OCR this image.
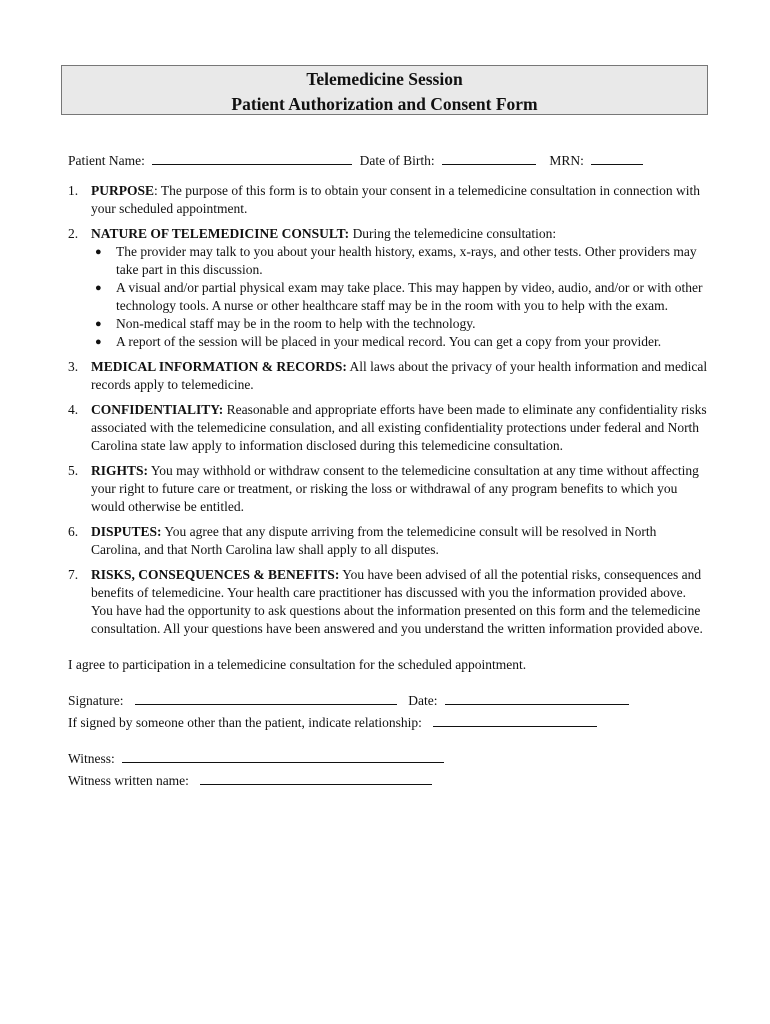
Telemedicine Session
Patient Authorization and Consent Form
Patient Name:	Date of Birth:	MRN:
1. PURPOSE: The purpose of this form is to obtain your consent in a telemedicine consultation in connection with your scheduled appointment.
2. NATURE OF TELEMEDICINE CONSULT: During the telemedicine consultation:
● The provider may talk to you about your health history, exams, x-rays, and other tests. Other providers may take part in this discussion.
● A visual and/or partial physical exam may take place. This may happen by video, audio, and/or or with other technology tools. A nurse or other healthcare staff may be in the room with you to help with the exam.
● Non-medical staff may be in the room to help with the technology.
● A report of the session will be placed in your medical record. You can get a copy from your provider.
3. MEDICAL INFORMATION & RECORDS: All laws about the privacy of your health information and medical records apply to telemedicine.
4. CONFIDENTIALITY: Reasonable and appropriate efforts have been made to eliminate any confidentiality risks associated with the telemedicine consulation, and all existing confidentiality protections under federal and North Carolina state law apply to information disclosed during this telemedicine consultation.
5. RIGHTS: You may withhold or withdraw consent to the telemedicine consultation at any time without affecting your right to future care or treatment, or risking the loss or withdrawal of any program benefits to which you would otherwise be entitled.
6. DISPUTES: You agree that any dispute arriving from the telemedicine consult will be resolved in North Carolina, and that North Carolina law shall apply to all disputes.
7. RISKS, CONSEQUENCES & BENEFITS: You have been advised of all the potential risks, consequences and benefits of telemedicine. Your health care practitioner has discussed with you the information provided above. You have had the opportunity to ask questions about the information presented on this form and the telemedicine consultation. All your questions have been answered and you understand the written information provided above.
I agree to participation in a telemedicine consultation for the scheduled appointment.
Signature:	Date:
If signed by someone other than the patient, indicate relationship:
Witness:
Witness written name:
